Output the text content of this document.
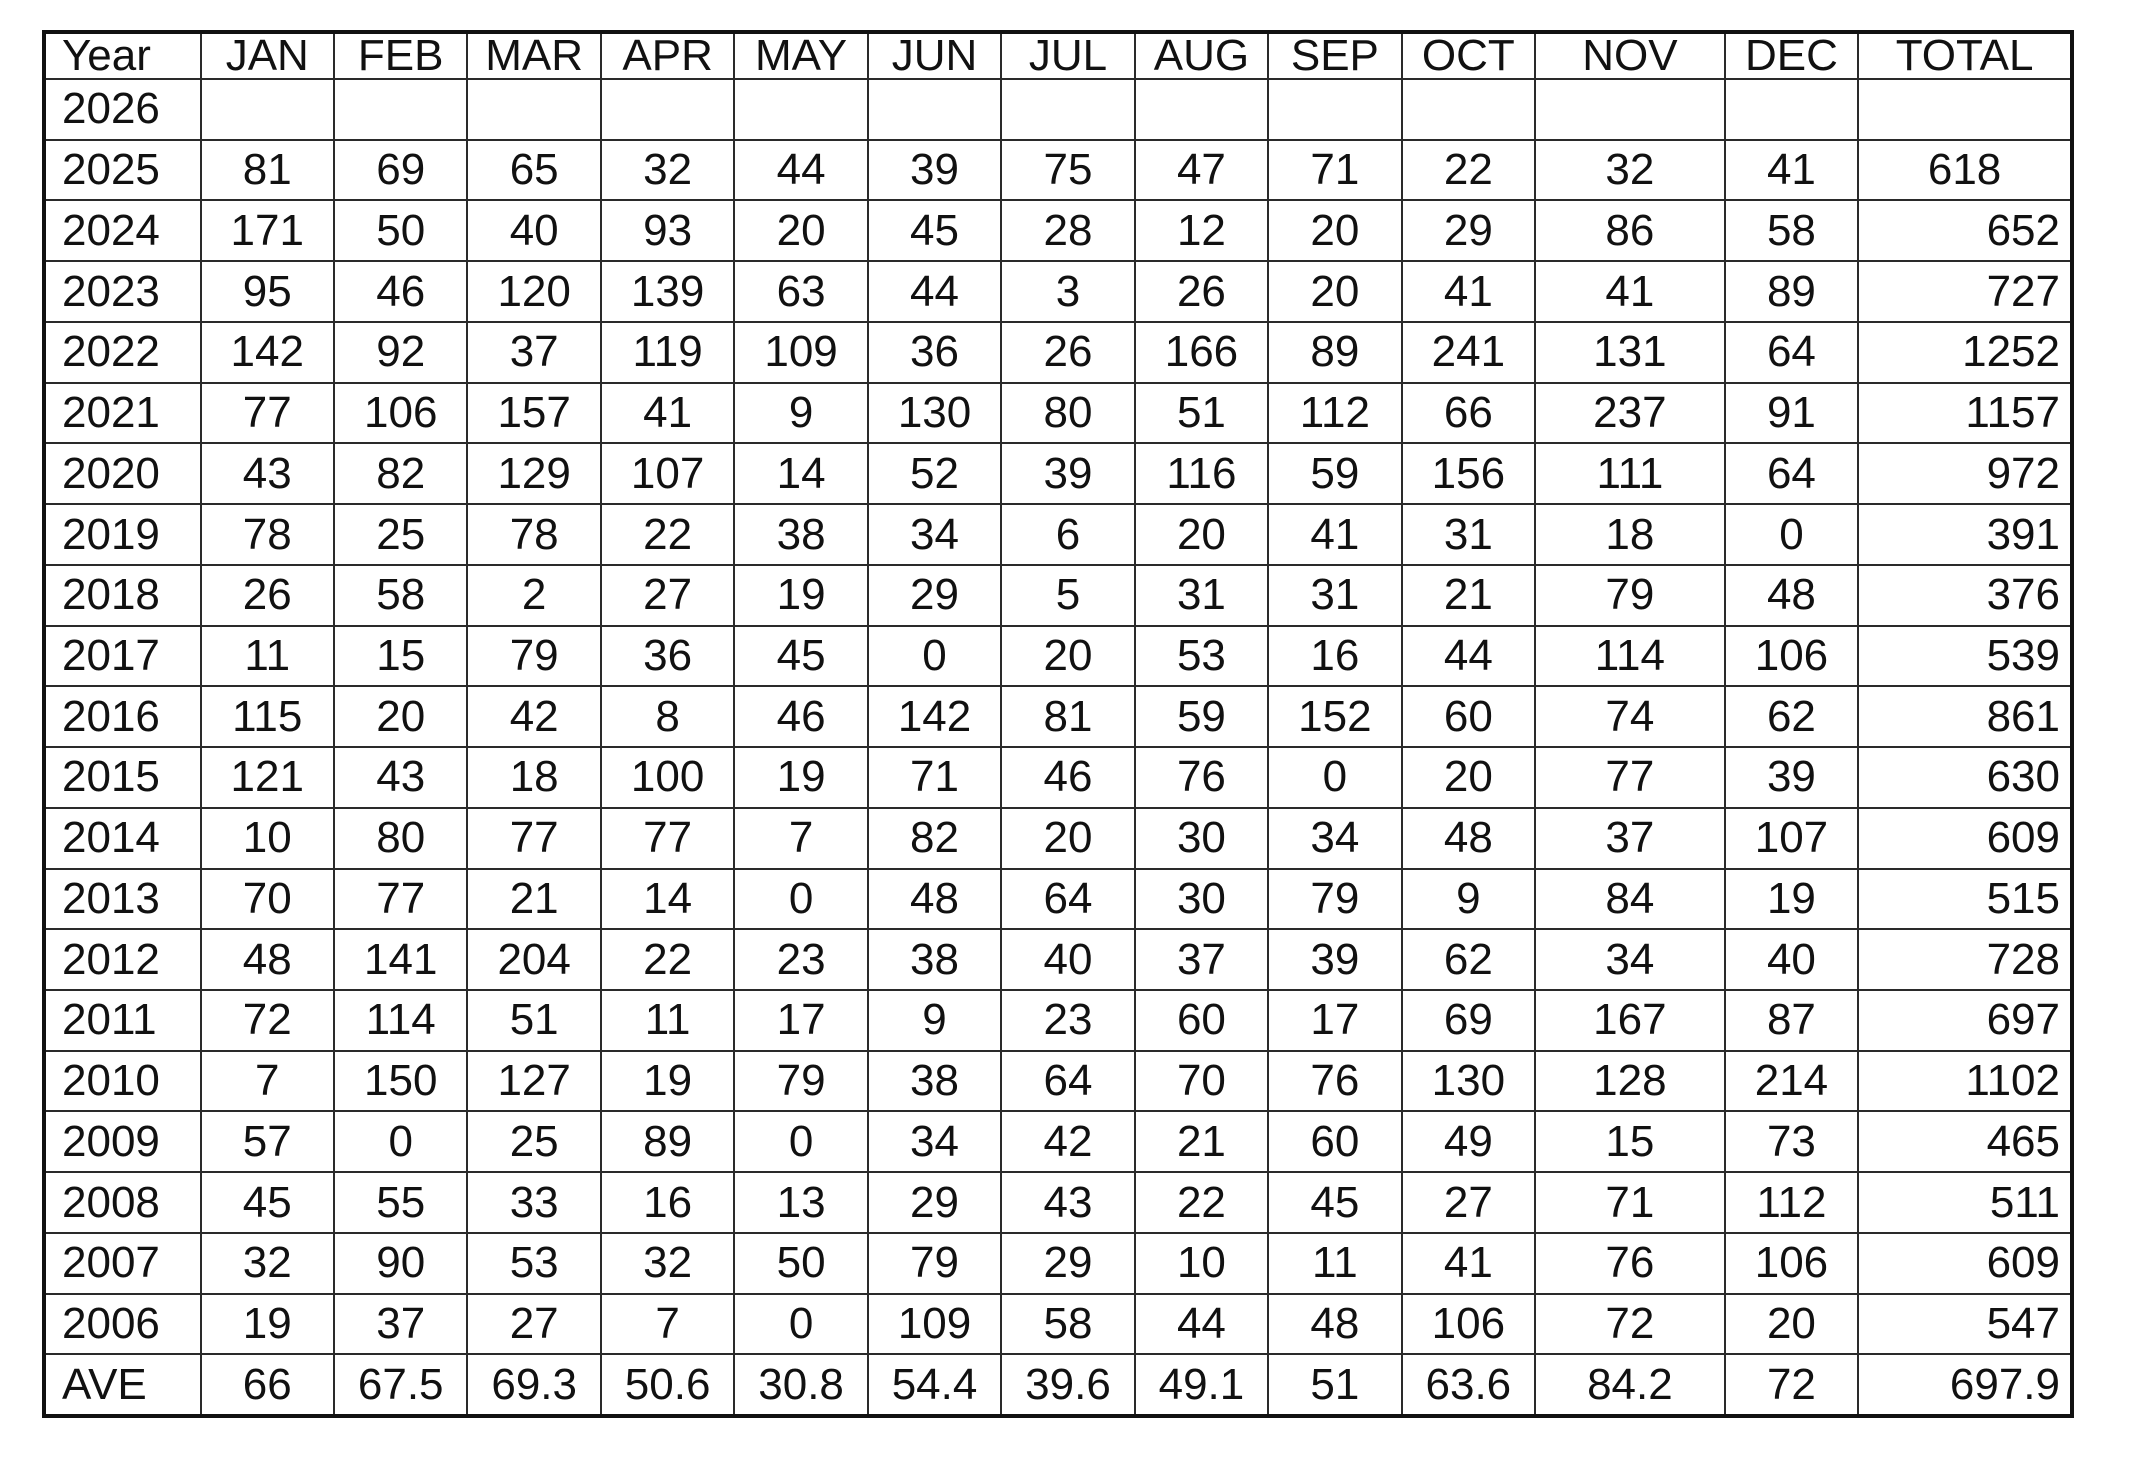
Year	JAN	FEB	MAR	APR	MAY	JUN	JUL	AUG	SEP	OCT	NOV	DEC	TOTAL
2026													
2025	81	69	65	32	44	39	75	47	71	22	32	41	618
2024	171	50	40	93	20	45	28	12	20	29	86	58	652
2023	95	46	120	139	63	44	3	26	20	41	41	89	727
2022	142	92	37	119	109	36	26	166	89	241	131	64	1252
2021	77	106	157	41	9	130	80	51	112	66	237	91	1157
2020	43	82	129	107	14	52	39	116	59	156	111	64	972
2019	78	25	78	22	38	34	6	20	41	31	18	0	391
2018	26	58	2	27	19	29	5	31	31	21	79	48	376
2017	11	15	79	36	45	0	20	53	16	44	114	106	539
2016	115	20	42	8	46	142	81	59	152	60	74	62	861
2015	121	43	18	100	19	71	46	76	0	20	77	39	630
2014	10	80	77	77	7	82	20	30	34	48	37	107	609
2013	70	77	21	14	0	48	64	30	79	9	84	19	515
2012	48	141	204	22	23	38	40	37	39	62	34	40	728
2011	72	114	51	11	17	9	23	60	17	69	167	87	697
2010	7	150	127	19	79	38	64	70	76	130	128	214	1102
2009	57	0	25	89	0	34	42	21	60	49	15	73	465
2008	45	55	33	16	13	29	43	22	45	27	71	112	511
2007	32	90	53	32	50	79	29	10	11	41	76	106	609
2006	19	37	27	7	0	109	58	44	48	106	72	20	547
AVE	66	67.5	69.3	50.6	30.8	54.4	39.6	49.1	51	63.6	84.2	72	697.9
